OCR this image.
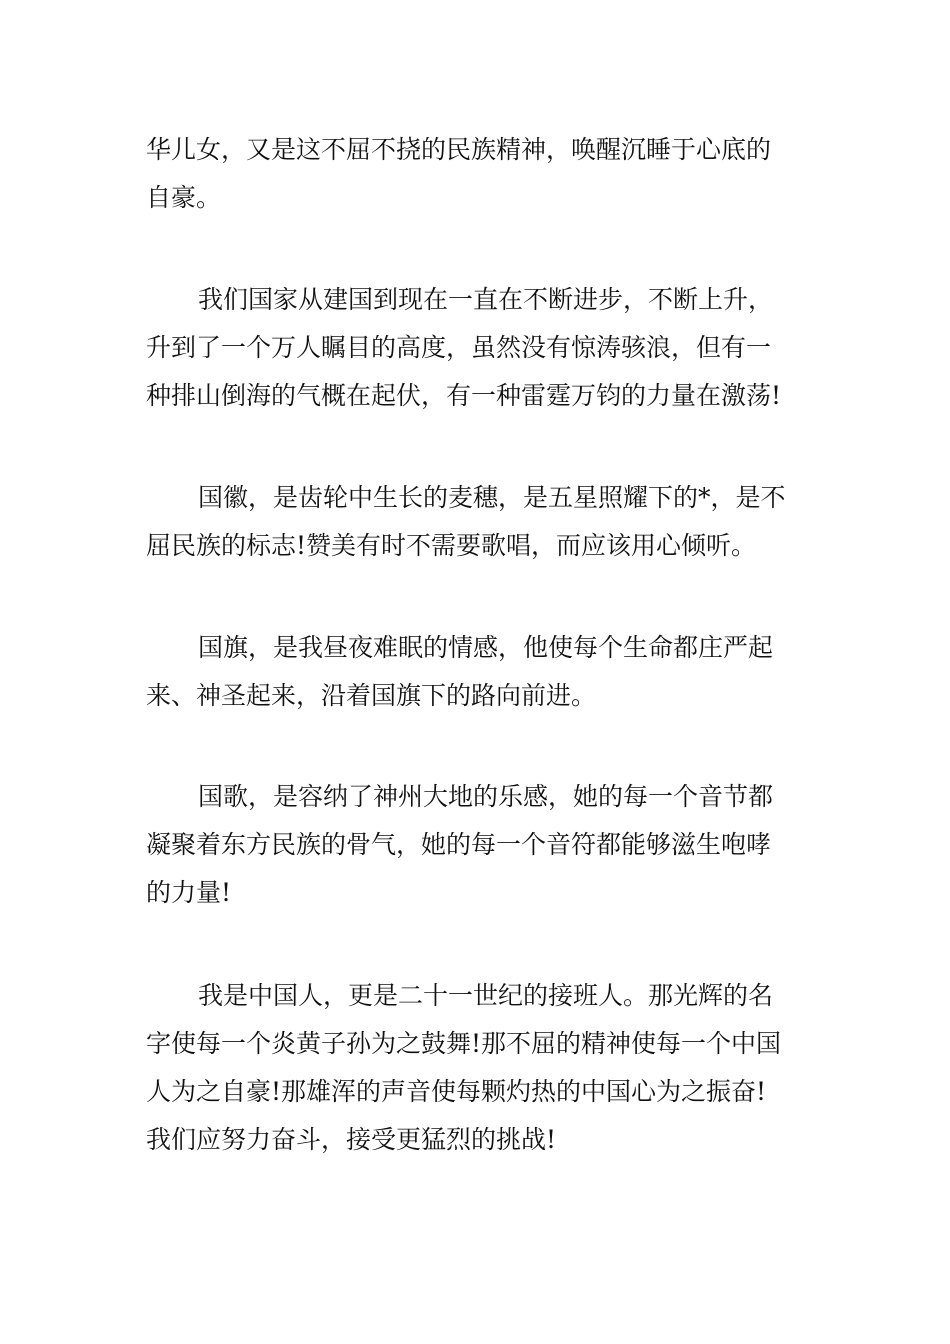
华儿女，又是这不屈不挠的民族精神，唤醒沉睡于心底的
自豪。
我们国家从建国到现在一直在不断进步，不断上升，
升到了一个万人瞩目的高度，虽然没有惊涛骇浪，但有一
种排山倒海的气概在起伏，有一种雷霆万钧的力量在激荡!
国徽，是齿轮中生长的麦穗，是五星照耀下的*，是不
屈民族的标志!赞美有时不需要歌唱，而应该用心倾听。
国旗，是我昼夜难眠的情感，他使每个生命都庄严起
来、神圣起来，沿着国旗下的路向前进。
国歌，是容纳了神州大地的乐感，她的每一个音节都
凝聚着东方民族的骨气，她的每一个音符都能够滋生咆哮
的力量!
我是中国人，更是二十一世纪的接班人。那光辉的名
字使每一个炎黄子孙为之鼓舞!那不屈的精神使每一个中国
人为之自豪!那雄浑的声音使每颗灼热的中国心为之振奋!
我们应努力奋斗，接受更猛烈的挑战!
